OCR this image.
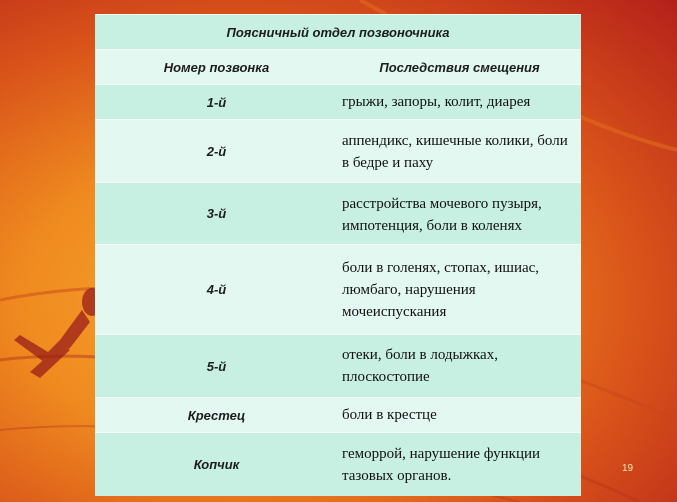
Поясничный отдел позвоночника	
Номер позвонка	Последствия смещения
1-й	грыжи, запоры, колит, диарея
2-й	аппендикс, кишечные колики, боли в бедре и паху
3-й	расстройства мочевого пузыря, импотенция, боли в коленях
4-й	боли в голенях, стопах, ишиас, люмбаго, нарушения мочеиспускания
5-й	отеки, боли в лодыжках, плоскостопие
Крестец	боли в крестце
Копчик	геморрой, нарушение функции тазовых органов.	19
